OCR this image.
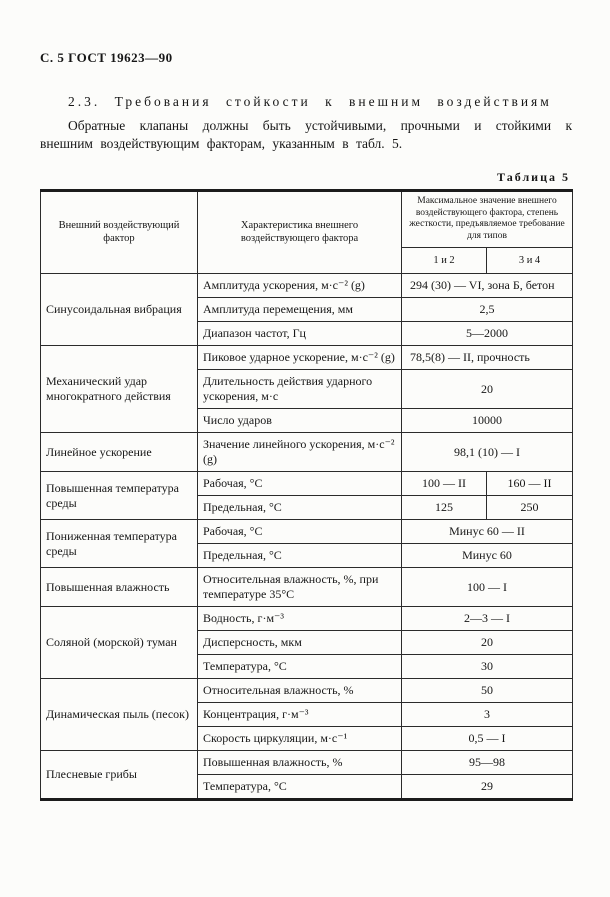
С. 5 ГОСТ 19623—90

2.3. Требования стойкости к внешним воздействиям

Обратные клапаны должны быть устойчивыми, прочными и стойкими к внешним воздействующим факторам, указанным в табл. 5.

Таблица 5
Внешний воздействующий фактор	Характеристика внешнего воздействующего фактора	Максимальное значение внешнего воздействующего фактора, степень жесткости, предъявляемое требование для типов	
		1 и 2	3 и 4
Синусоидальная вибрация	Амплитуда ускорения, м·с⁻² (g)	294 (30) — VI, зона Б, бетон	
	Амплитуда перемещения, мм	2,5	
	Диапазон частот, Гц	5—2000	
Механический удар многократного действия	Пиковое ударное ускорение, м·с⁻² (g)	78,5(8) — II, прочность	
	Длительность действия ударного ускорения, м·с	20	
	Число ударов	10000	
Линейное ускорение	Значение линейного ускорения, м·с⁻² (g)	98,1 (10) — I	
Повышенная температура среды	Рабочая, °С	100 — II	160 — II
	Предельная, °С	125	250
Пониженная температура среды	Рабочая, °С	Минус 60 — II	
	Предельная, °С	Минус 60	
Повышенная влажность	Относительная влажность, %, при температуре 35°С	100 — I	
Соляной (морской) туман	Водность, г·м⁻³	2—3 — I	
	Дисперсность, мкм	20	
	Температура, °С	30	
Динамическая пыль (песок)	Относительная влажность, %	50	
	Концентрация, г·м⁻³	3	
	Скорость циркуляции, м·с⁻¹	0,5 — I	
Плесневые грибы	Повышенная влажность, %	95—98	
	Температура, °С	29	
